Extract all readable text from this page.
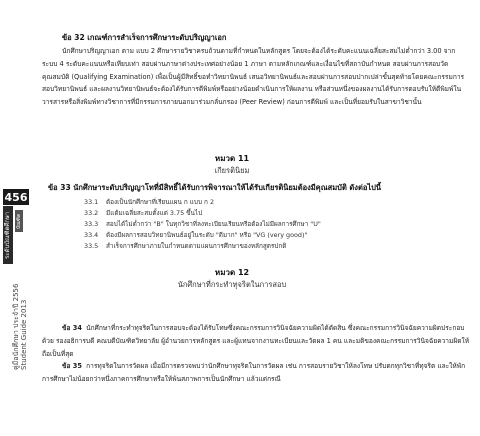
คู่มือนักศึกษา ประจำปี 2556 Student Guide 2013
456
ระดับบัณฑิตศึกษา	บัณฑิต
ข้อ 32 เกณฑ์การสำเร็จการศึกษาระดับปริญญาเอก
นักศึกษาปริญญาเอก ตาม แบบ 2 ศึกษารายวิชาครบถ้วนตามที่กำหนดในหลักสูตร โดยจะต้องได้ระดับคะแนนเฉลี่ยสะสมไม่ต่ำกว่า 3.00 จากระบบ 4 ระดับคะแนนหรือเทียบเท่า สอบผ่านภาษาต่างประเทศอย่างน้อย 1 ภาษา ตามหลักเกณฑ์และเงื่อนไขที่สถาบันกำหนด สอบผ่านการสอบวัดคุณสมบัติ (Qualifying Examination) เพื่อเป็นผู้มีสิทธิ์ขอทำวิทยานิพนธ์ เสนอวิทยานิพนธ์และสอบผ่านการสอบปากเปล่าขั้นสุดท้ายโดยคณะกรรมการสอบวิทยานิพนธ์ และผลงานวิทยานิพนธ์จะต้องได้รับการตีพิมพ์หรืออย่างน้อยดำเนินการให้ผลงาน หรือส่วนหนึ่งของผลงานได้รับการตอบรับให้ตีพิมพ์ในวารสารหรือสิ่งพิมพ์ทางวิชาการที่มีกรรมการภายนอกมาร่วมกลั่นกรอง (Peer Review) ก่อนการตีพิมพ์ และเป็นที่ยอมรับในสาขาวิชานั้น
หมวด 11
เกียรตินิยม
ข้อ 33 นักศึกษาระดับปริญญาโทที่มีสิทธิ์ได้รับการพิจารณาให้ได้รับเกียรตินิยมต้องมีคุณสมบัติ ดังต่อไปนี้
33.1 ต้องเป็นนักศึกษาที่เรียนแผน ก แบบ ก 2
33.2 มีแต้มเฉลี่ยสะสมตั้งแต่ 3.75 ขึ้นไป
33.3 สอบได้ไม่ต่ำกว่า "B" ในทุกวิชาที่ลงทะเบียนเรียนหรือต้องไม่มีผลการศึกษา "U"
33.4 ต้องมีผลการสอบวิทยานิพนธ์อยู่ในระดับ "ดีมาก" หรือ "VG (very good)"
33.5 สำเร็จการศึกษาภายในกำหนดตามแผนการศึกษาของหลักสูตรปกติ
หมวด 12
นักศึกษาที่กระทำทุจริตในการสอบ
ข้อ 34 นักศึกษาที่กระทำทุจริตในการสอบจะต้องได้รับโทษซึ่งคณะกรรมการวินิจฉัยความผิดได้ตัดสิน ซึ่งคณะกรรมการวินิจฉัยความผิดประกอบด้วย รองอธิการบดี คณบดีบัณฑิตวิทยาลัย ผู้อำนวยการหลักสูตร และผู้แทนจากงานทะเบียนและวัดผล 1 คน และมติของคณะกรรมการวินิจฉัยความผิดให้ถือเป็นที่สุด
ข้อ 35 การทุจริตในการวัดผล เมื่อมีการตรวจพบว่านักศึกษาทุจริตในการวัดผล เช่น การสอบรายวิชาให้ลงโทษ ปรับตกทุกวิชาที่ทุจริต และให้พักการศึกษาไม่น้อยกว่าหนึ่งภาคการศึกษาหรือให้พ้นสภาพการเป็นนักศึกษา แล้วแต่กรณี
